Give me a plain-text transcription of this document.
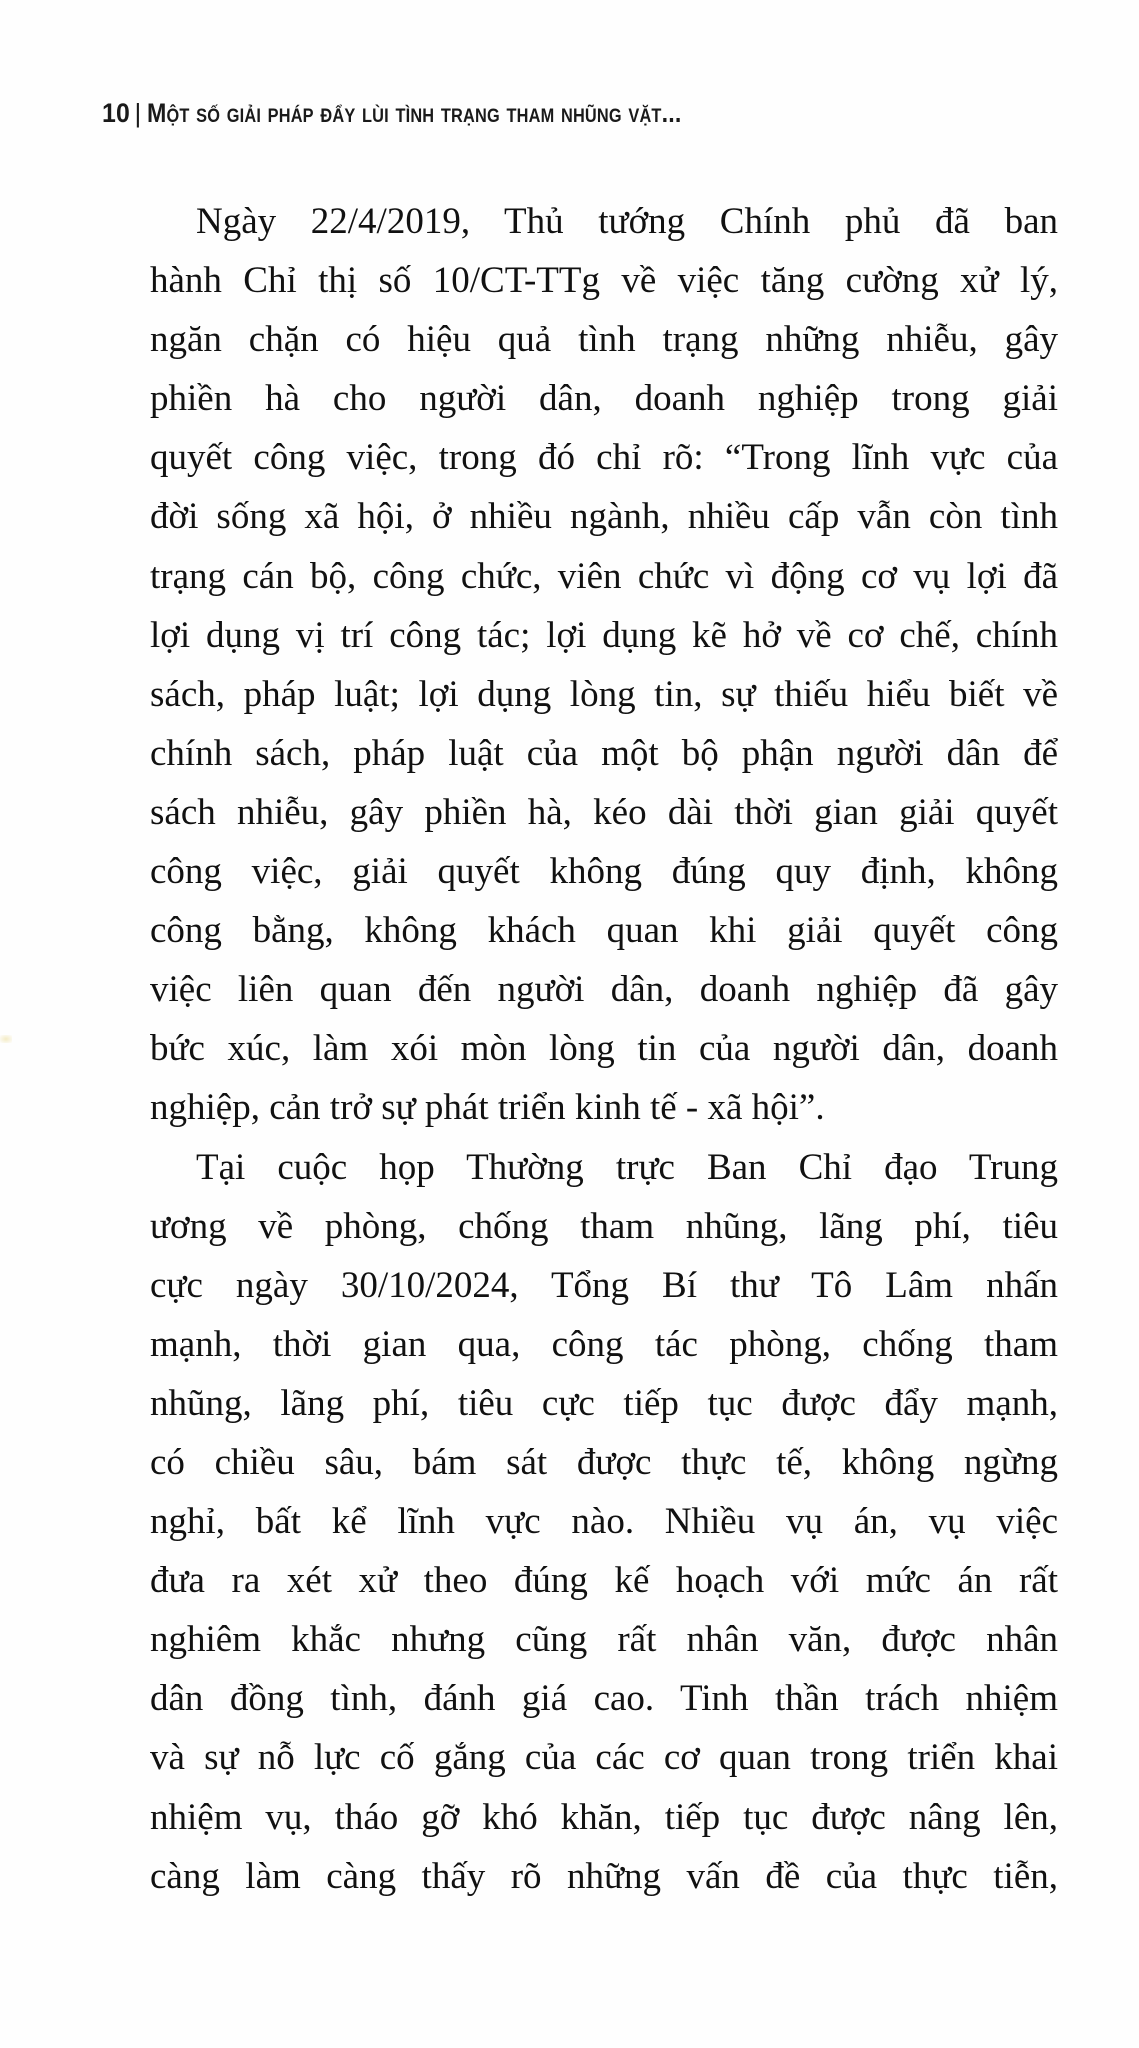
10 | một số giải pháp đẩy lùi tình trạng tham nhũng vặt...
Ngày 22/4/2019, Thủ tướng Chính phủ đã ban
hành Chỉ thị số 10/CT-TTg về việc tăng cường xử lý,
ngăn chặn có hiệu quả tình trạng những nhiễu, gây
phiền hà cho người dân, doanh nghiệp trong giải
quyết công việc, trong đó chỉ rõ: “Trong lĩnh vực của
đời sống xã hội, ở nhiều ngành, nhiều cấp vẫn còn tình
trạng cán bộ, công chức, viên chức vì động cơ vụ lợi đã
lợi dụng vị trí công tác; lợi dụng kẽ hở về cơ chế, chính
sách, pháp luật; lợi dụng lòng tin, sự thiếu hiểu biết về
chính sách, pháp luật của một bộ phận người dân để
sách nhiễu, gây phiền hà, kéo dài thời gian giải quyết
công việc, giải quyết không đúng quy định, không
công bằng, không khách quan khi giải quyết công
việc liên quan đến người dân, doanh nghiệp đã gây
bức xúc, làm xói mòn lòng tin của người dân, doanh
nghiệp, cản trở sự phát triển kinh tế - xã hội”.
Tại cuộc họp Thường trực Ban Chỉ đạo Trung
ương về phòng, chống tham nhũng, lãng phí, tiêu
cực ngày 30/10/2024, Tổng Bí thư Tô Lâm nhấn
mạnh, thời gian qua, công tác phòng, chống tham
nhũng, lãng phí, tiêu cực tiếp tục được đẩy mạnh,
có chiều sâu, bám sát được thực tế, không ngừng
nghỉ, bất kể lĩnh vực nào. Nhiều vụ án, vụ việc
đưa ra xét xử theo đúng kế hoạch với mức án rất
nghiêm khắc nhưng cũng rất nhân văn, được nhân
dân đồng tình, đánh giá cao. Tinh thần trách nhiệm
và sự nỗ lực cố gắng của các cơ quan trong triển khai
nhiệm vụ, tháo gỡ khó khăn, tiếp tục được nâng lên,
càng làm càng thấy rõ những vấn đề của thực tiễn,
